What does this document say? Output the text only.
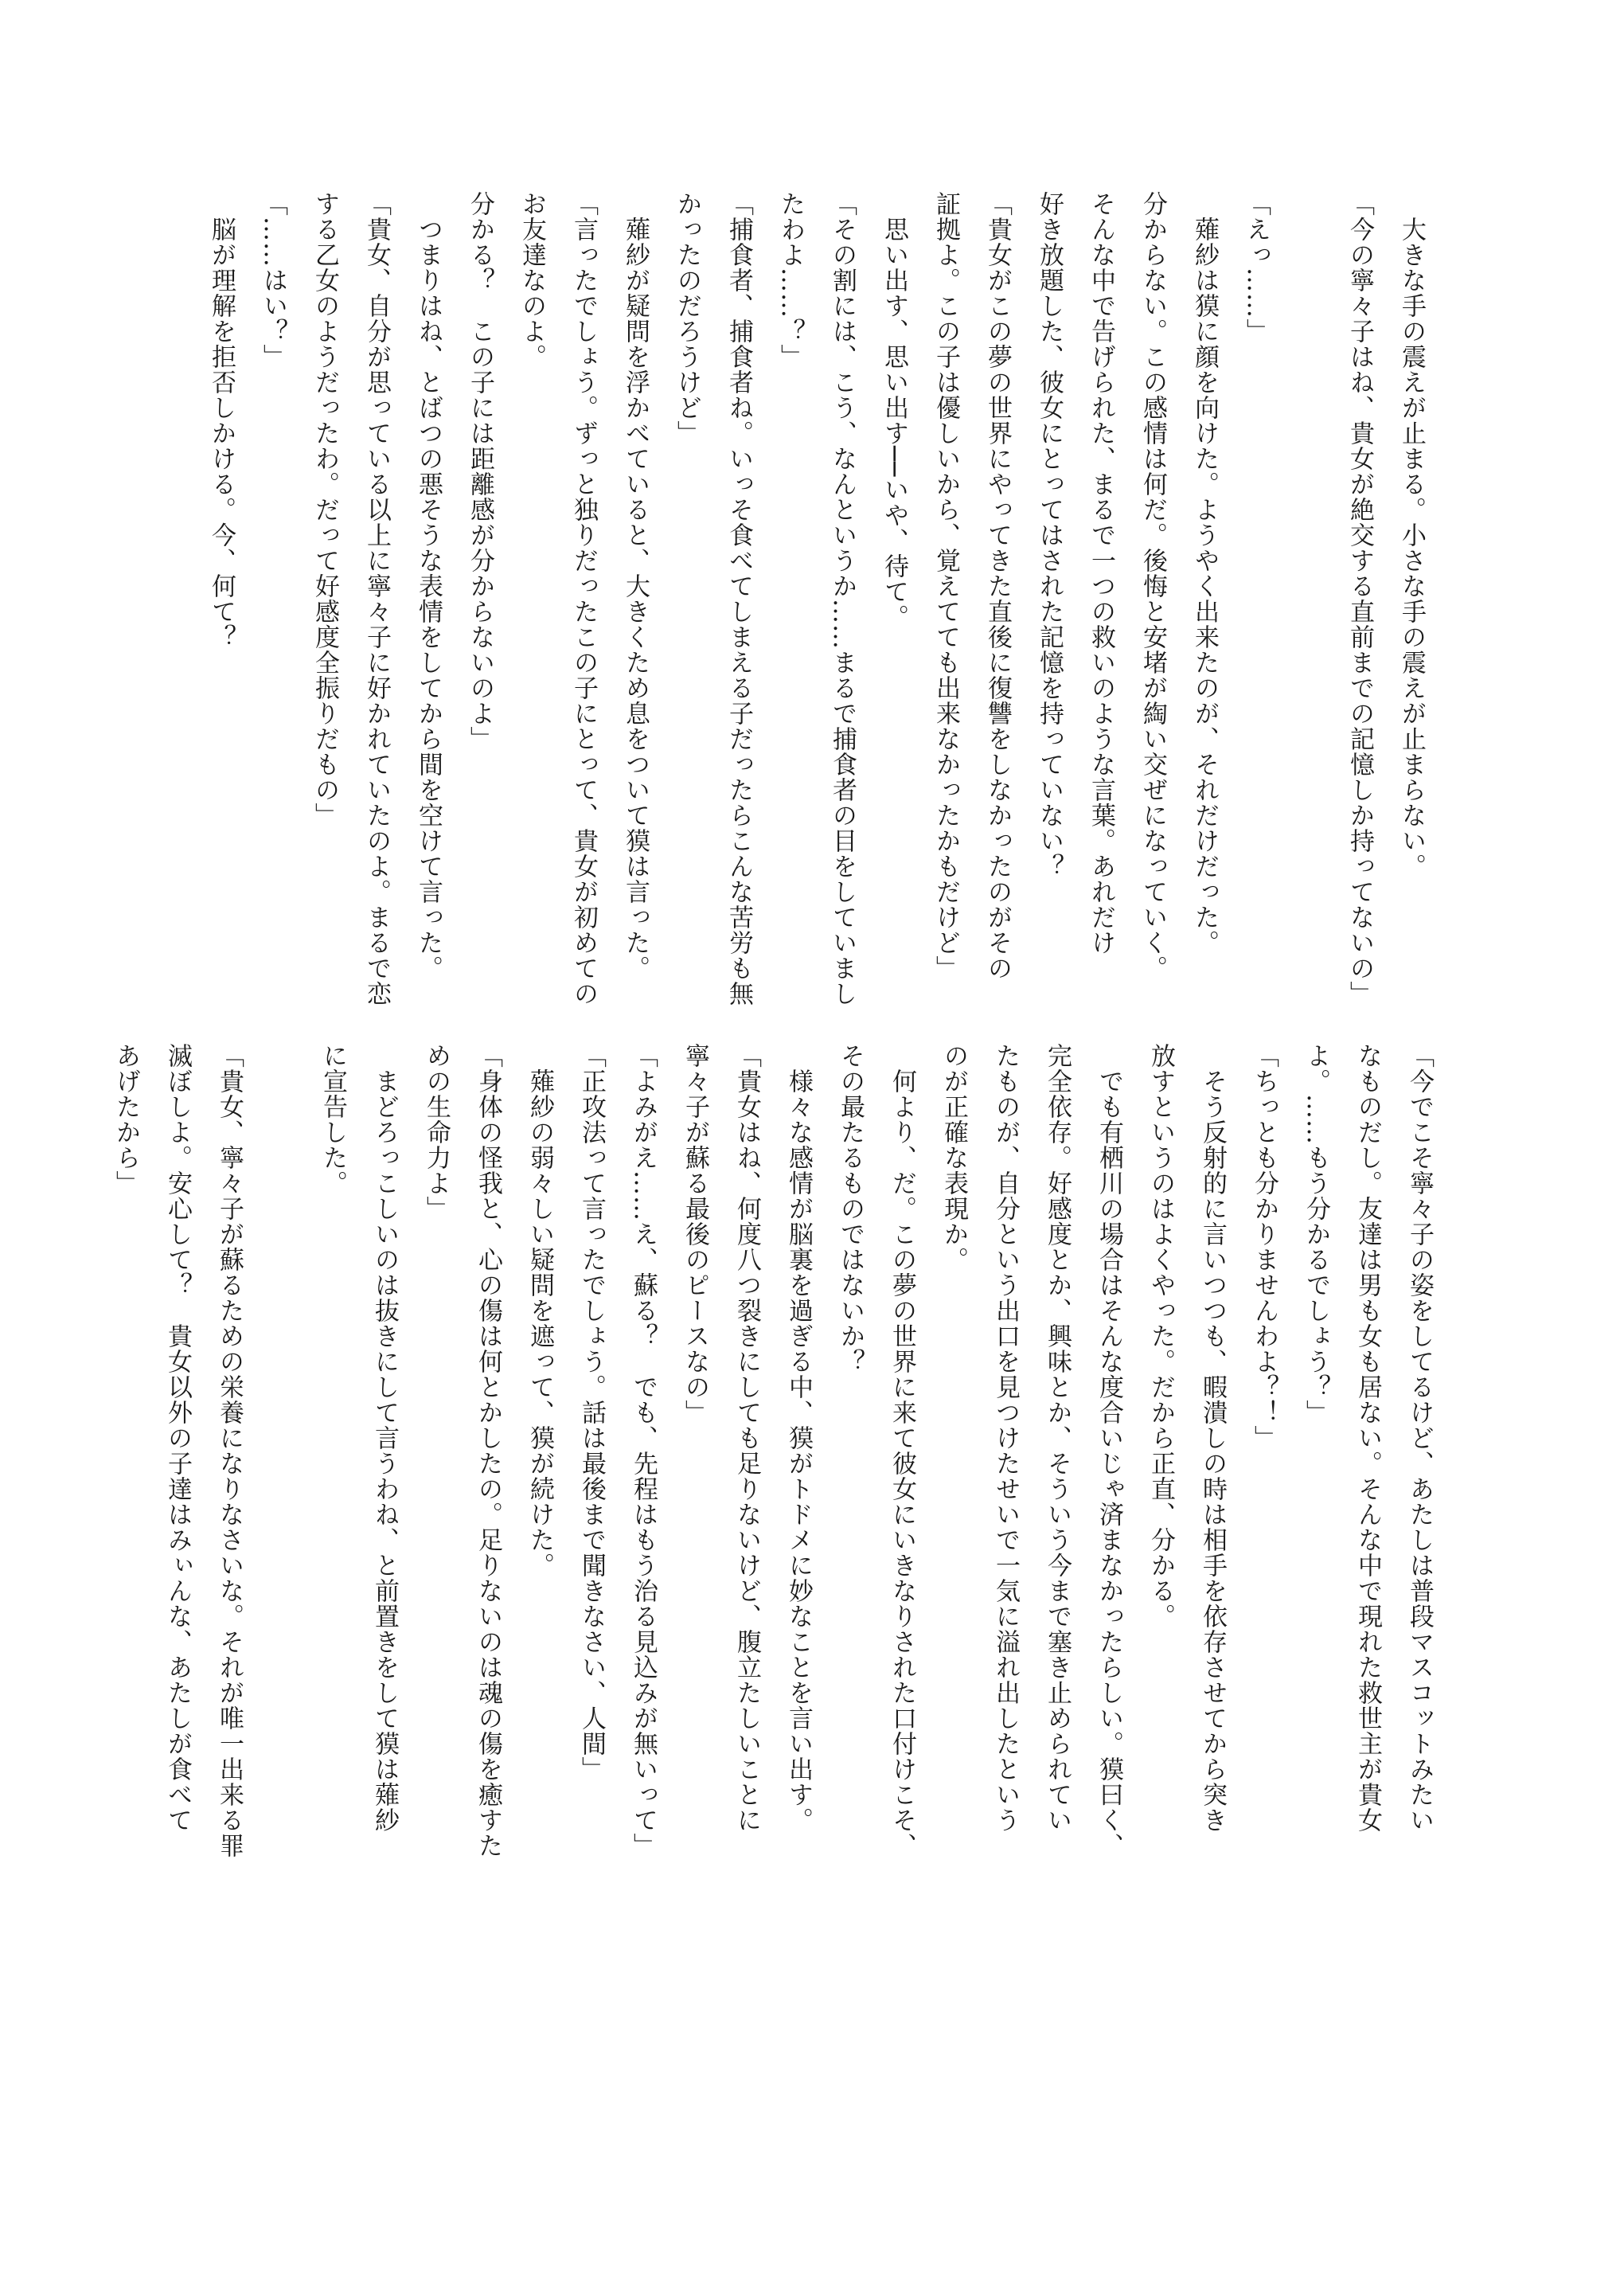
　大きな手の震えが止まる。小さな手の震えが止まらない。
「今の寧々子はね、貴女が絶交する直前までの記憶しか持ってないの」

「えっ……」
　薙紗は獏に顔を向けた。ようやく出来たのが、それだけだった。
分からない。この感情は何だ。後悔と安堵が綯い交ぜになっていく。
そんな中で告げられた、まるで一つの救いのような言葉。あれだけ
好き放題した、彼女にとってはされた記憶を持っていない？
「貴女がこの夢の世界にやってきた直後に復讐をしなかったのがその
証拠よ。この子は優しいから、覚えてても出来なかったかもだけど」
　思い出す、思い出す──いや、待て。
「その割には、こう、なんというか……まるで捕食者の目をしていまし
たわよ……？」
「捕食者、捕食者ね。いっそ食べてしまえる子だったらこんな苦労も無
かったのだろうけど」
　薙紗が疑問を浮かべていると、大きくため息をついて獏は言った。
「言ったでしょう。ずっと独りだったこの子にとって、貴女が初めての
お友達なのよ。
分かる？　この子には距離感が分からないのよ」
　つまりはね、とばつの悪そうな表情をしてから間を空けて言った。
「貴女、自分が思っている以上に寧々子に好かれていたのよ。まるで恋
する乙女のようだったわ。だって好感度全振りだもの」
「……はい？」
　脳が理解を拒否しかける。今、何て？
「今でこそ寧々子の姿をしてるけど、あたしは普段マスコットみたい
なものだし。友達は男も女も居ない。そんな中で現れた救世主が貴女
よ。……もう分かるでしょう？」
「ちっとも分かりませんわよ？！」
　そう反射的に言いつつも、暇潰しの時は相手を依存させてから突き
放すというのはよくやった。だから正直、分かる。
　でも有栖川の場合はそんな度合いじゃ済まなかったらしい。獏曰く、
完全依存。好感度とか、興味とか、そういう今まで塞き止められてい
たものが、自分という出口を見つけたせいで一気に溢れ出したという
のが正確な表現か。
　何より、だ。この夢の世界に来て彼女にいきなりされた口付けこそ、
その最たるものではないか？
　様々な感情が脳裏を過ぎる中、獏がトドメに妙なことを言い出す。
「貴女はね、何度八つ裂きにしても足りないけど、腹立たしいことに
寧々子が蘇る最後のピースなの」
「よみがえ……え、蘇る？　でも、先程はもう治る見込みが無いって」
「正攻法って言ったでしょう。話は最後まで聞きなさい、人間」
　薙紗の弱々しい疑問を遮って、獏が続けた。
「身体の怪我と、心の傷は何とかしたの。足りないのは魂の傷を癒すた
めの生命力よ」
　まどろっこしいのは抜きにして言うわね、と前置きをして獏は薙紗
に宣告した。

「貴女、寧々子が蘇るための栄養になりなさいな。それが唯一出来る罪
滅ぼしよ。安心して？　貴女以外の子達はみぃんな、あたしが食べて
あげたから」
